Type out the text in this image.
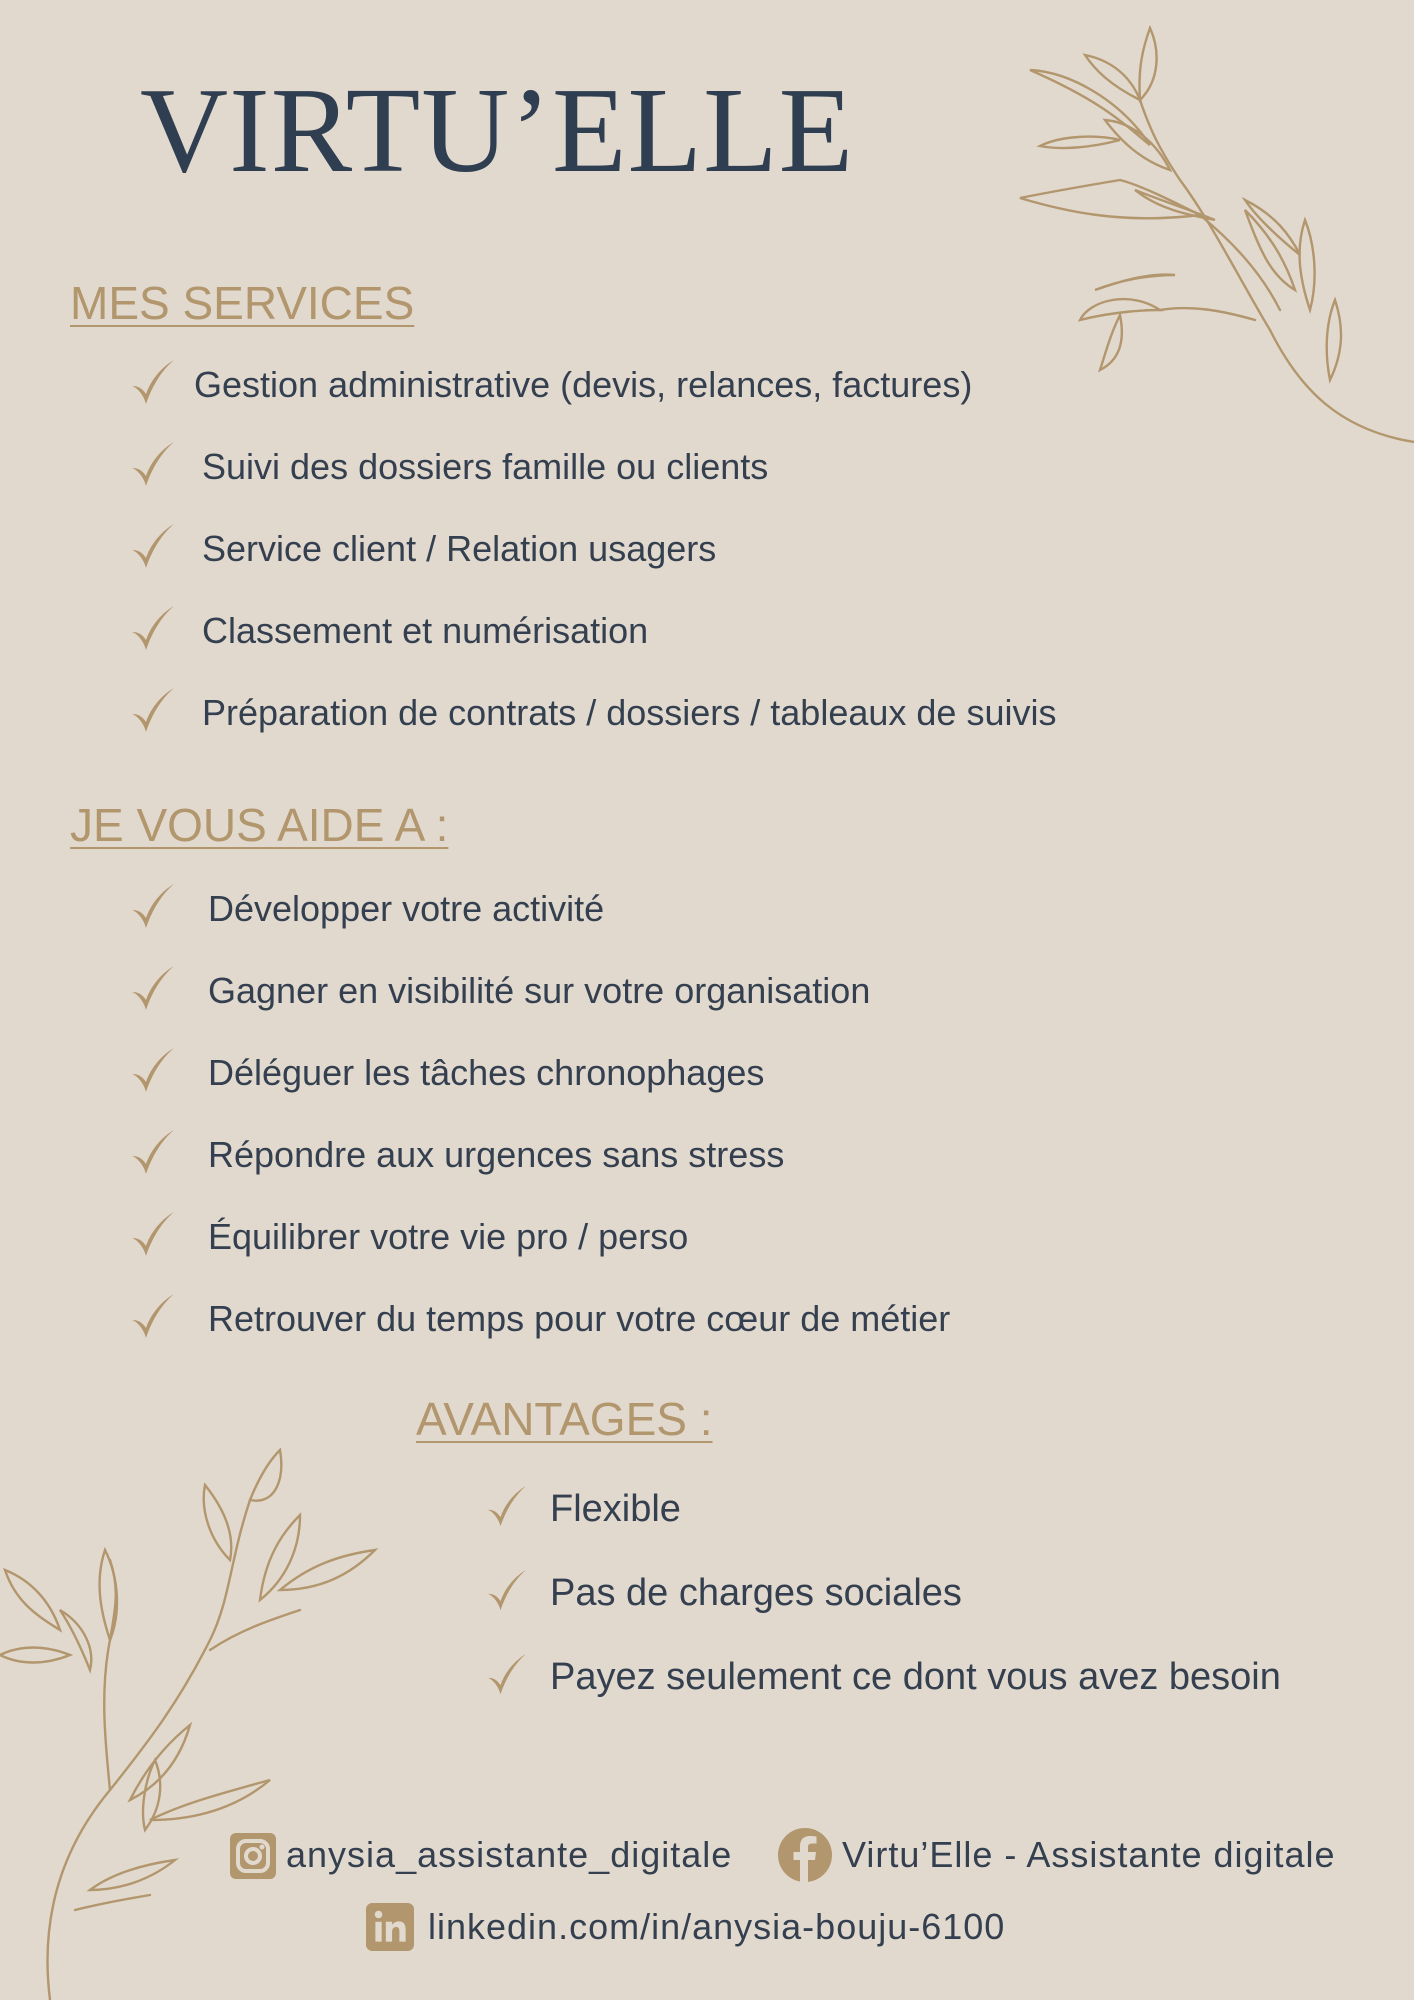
VIRTU’ELLE
MES SERVICES
Gestion administrative (devis, relances, factures)
Suivi des dossiers famille ou clients
Service client / Relation usagers
Classement et numérisation
Préparation de contrats / dossiers / tableaux de suivis
JE VOUS AIDE A :
Développer votre activité
Gagner en visibilité sur votre organisation
Déléguer les tâches chronophages
Répondre aux urgences sans stress
Équilibrer votre vie pro / perso
Retrouver du temps pour votre cœur de métier
AVANTAGES :
Flexible
Pas de charges sociales
Payez seulement ce dont vous avez besoin
anysia_assistante_digitale	Virtu’Elle - Assistante digitale
linkedin.com/in/anysia-bouju-6100
